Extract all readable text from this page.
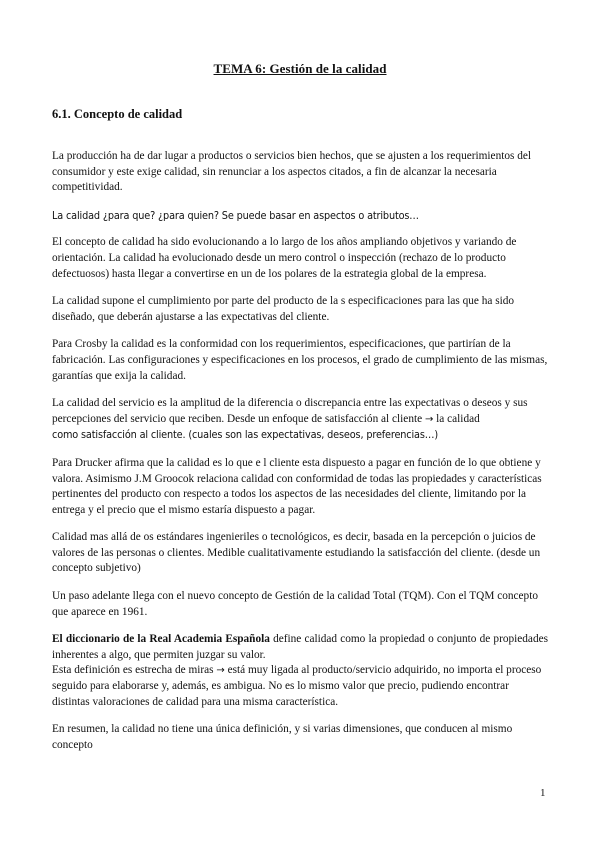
TEMA 6: Gestión de la calidad
6.1. Concepto de calidad

La producción ha de dar lugar a productos o servicios bien hechos, que se ajusten a los requerimientos del consumidor y este exige calidad, sin renunciar a los aspectos citados, a fin de alcanzar la necesaria competitividad.

La calidad ¿para que? ¿para quien? Se puede basar en aspectos o atributos…

El concepto de calidad ha sido evolucionando a lo largo de los años ampliando objetivos y variando de orientación. La calidad ha evolucionado desde un mero control o inspección (rechazo de lo producto defectuosos) hasta llegar a convertirse en un de los polares de la estrategia global de la empresa.

La calidad supone el cumplimiento por parte del producto de la s especificaciones para las que ha sido diseñado, que deberán ajustarse a las expectativas del cliente.

Para Crosby la calidad es la conformidad con los requerimientos, especificaciones, que partirían de la fabricación. Las configuraciones y especificaciones en los procesos, el grado de cumplimiento de las mismas, garantías que exija la calidad.

La calidad del servicio es la amplitud de la diferencia o discrepancia entre las expectativas o deseos y sus percepciones del servicio que reciben. Desde un enfoque de satisfacción al cliente → la calidad
como satisfacción al cliente. (cuales son las expectativas, deseos, preferencias…)

Para Drucker afirma que la calidad es lo que e l cliente esta dispuesto a pagar en función de lo que obtiene y valora. Asimismo J.M Groocok relaciona calidad con conformidad de todas las propiedades y características pertinentes del producto con respecto a todos los aspectos de las necesidades del cliente, limitando por la entrega y el precio que el mismo estaría dispuesto a pagar.

Calidad mas allá de os estándares ingenieriles o tecnológicos, es decir, basada en la percepción o juicios de valores de las personas o clientes. Medible cualitativamente estudiando la satisfacción del cliente. (desde un concepto subjetivo)

Un paso adelante llega con el nuevo concepto de Gestión de la calidad Total (TQM). Con el TQM concepto que aparece en 1961.

El diccionario de la Real Academia Española define calidad como la propiedad o conjunto de propiedades inherentes a algo, que permiten juzgar su valor.

Esta definición es estrecha de miras → está muy ligada al producto/servicio adquirido, no importa el proceso seguido para elaborarse y, además, es ambigua. No es lo mismo valor que precio, pudiendo encontrar distintas valoraciones de calidad para una misma característica.

En resumen, la calidad no tiene una única definición, y si varias dimensiones, que conducen al mismo concepto

1
